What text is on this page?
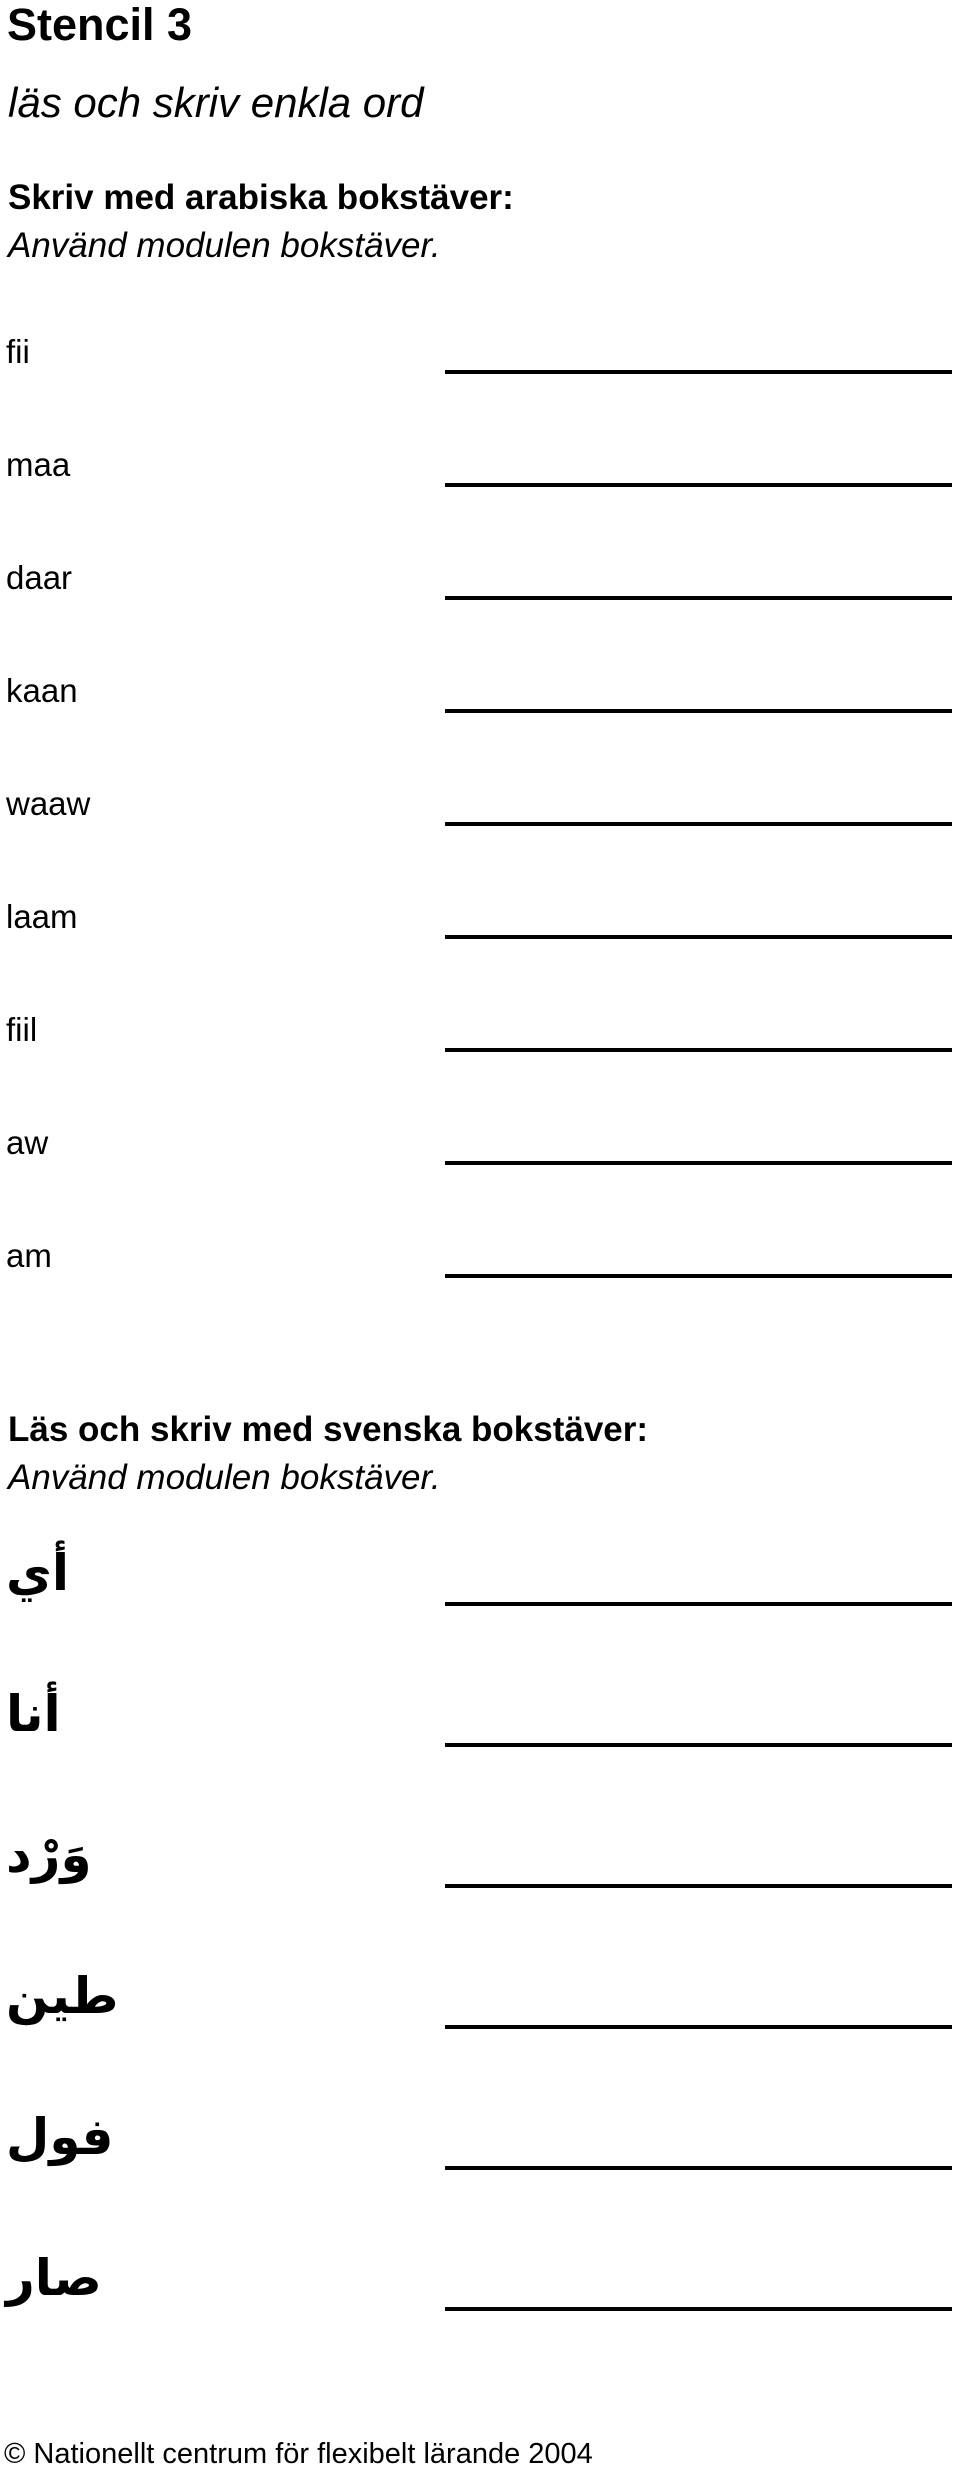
Stencil 3
läs och skriv enkla ord
Skriv med arabiska bokstäver:
Använd modulen bokstäver.
fii
maa
daar
kaan
waaw
laam
fiil
aw
am
Läs och skriv med svenska bokstäver:
Använd modulen bokstäver.
أي
أنا
وَرْد
طين
فول
صار
© Nationellt centrum för flexibelt lärande 2004
